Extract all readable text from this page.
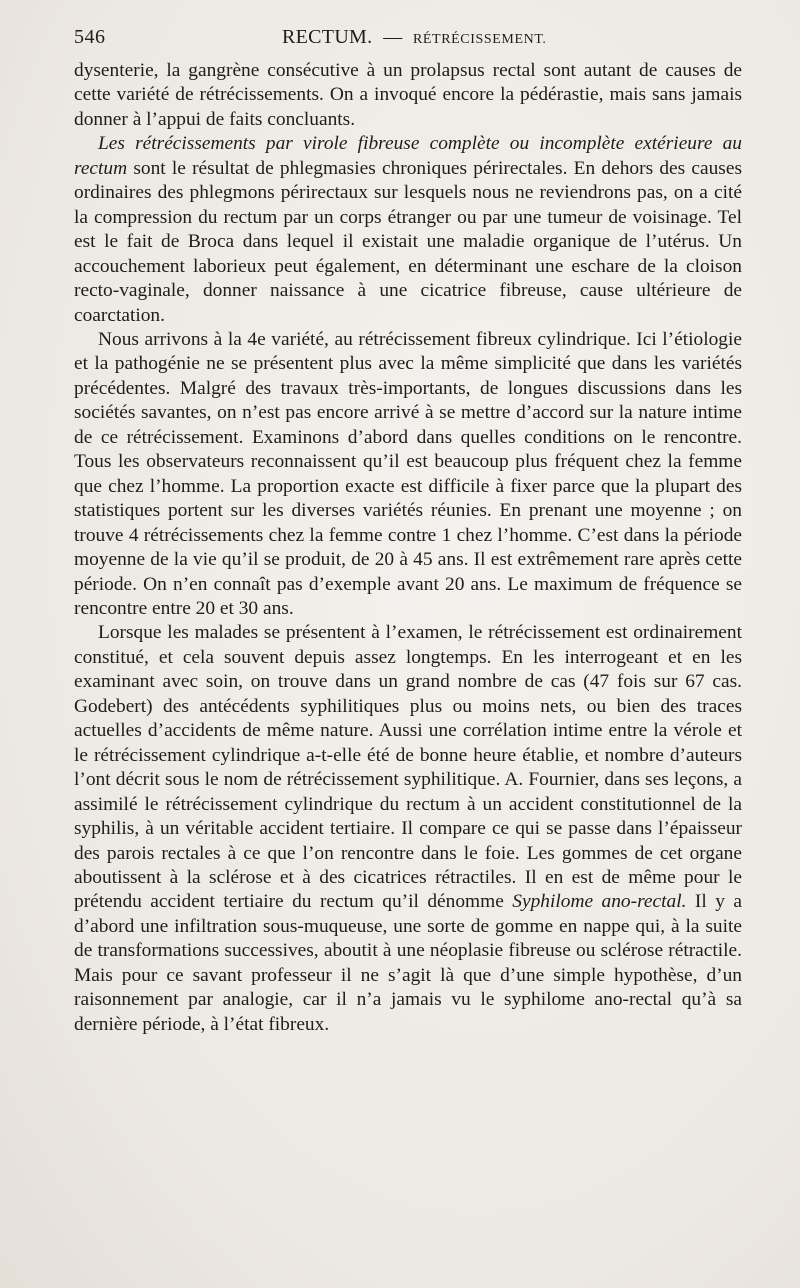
546	RECTUM. — RÉTRÉCISSEMENT.

dysenterie, la gangrène consécutive à un prolapsus rectal sont autant de causes de cette variété de rétrécissements. On a invoqué encore la pédérastie, mais sans jamais donner à l’appui de faits concluants.

Les rétrécissements par virole fibreuse complète ou incomplète extérieure au rectum sont le résultat de phlegmasies chroniques périrectales. En dehors des causes ordinaires des phlegmons périrectaux sur lesquels nous ne reviendrons pas, on a cité la compression du rectum par un corps étranger ou par une tumeur de voisinage. Tel est le fait de Broca dans lequel il existait une maladie organique de l’utérus. Un accouchement laborieux peut également, en déterminant une eschare de la cloison recto-vaginale, donner naissance à une cicatrice fibreuse, cause ultérieure de coarctation.

Nous arrivons à la 4e variété, au rétrécissement fibreux cylindrique. Ici l’étiologie et la pathogénie ne se présentent plus avec la même simplicité que dans les variétés précédentes. Malgré des travaux très-importants, de longues discussions dans les sociétés savantes, on n’est pas encore arrivé à se mettre d’accord sur la nature intime de ce rétrécissement. Examinons d’abord dans quelles conditions on le rencontre. Tous les observateurs reconnaissent qu’il est beaucoup plus fréquent chez la femme que chez l’homme. La proportion exacte est difficile à fixer parce que la plupart des statistiques portent sur les diverses variétés réunies. En prenant une moyenne ; on trouve 4 rétrécissements chez la femme contre 1 chez l’homme. C’est dans la période moyenne de la vie qu’il se produit, de 20 à 45 ans. Il est extrêmement rare après cette période. On n’en connaît pas d’exemple avant 20 ans. Le maximum de fréquence se rencontre entre 20 et 30 ans.

Lorsque les malades se présentent à l’examen, le rétrécissement est ordinairement constitué, et cela souvent depuis assez longtemps. En les interrogeant et en les examinant avec soin, on trouve dans un grand nombre de cas (47 fois sur 67 cas. Godebert) des antécédents syphilitiques plus ou moins nets, ou bien des traces actuelles d’accidents de même nature. Aussi une corrélation intime entre la vérole et le rétrécissement cylindrique a-t-elle été de bonne heure établie, et nombre d’auteurs l’ont décrit sous le nom de rétrécissement syphilitique. A. Fournier, dans ses leçons, a assimilé le rétrécissement cylindrique du rectum à un accident constitutionnel de la syphilis, à un véritable accident tertiaire. Il compare ce qui se passe dans l’épaisseur des parois rectales à ce que l’on rencontre dans le foie. Les gommes de cet organe aboutissent à la sclérose et à des cicatrices rétractiles. Il en est de même pour le prétendu accident tertiaire du rectum qu’il dénomme Syphilome ano-rectal. Il y a d’abord une infiltration sous-muqueuse, une sorte de gomme en nappe qui, à la suite de transformations successives, aboutit à une néoplasie fibreuse ou sclérose rétractile. Mais pour ce savant professeur il ne s’agit là que d’une simple hypothèse, d’un raisonnement par analogie, car il n’a jamais vu le syphilome ano-rectal qu’à sa dernière période, à l’état fibreux.
